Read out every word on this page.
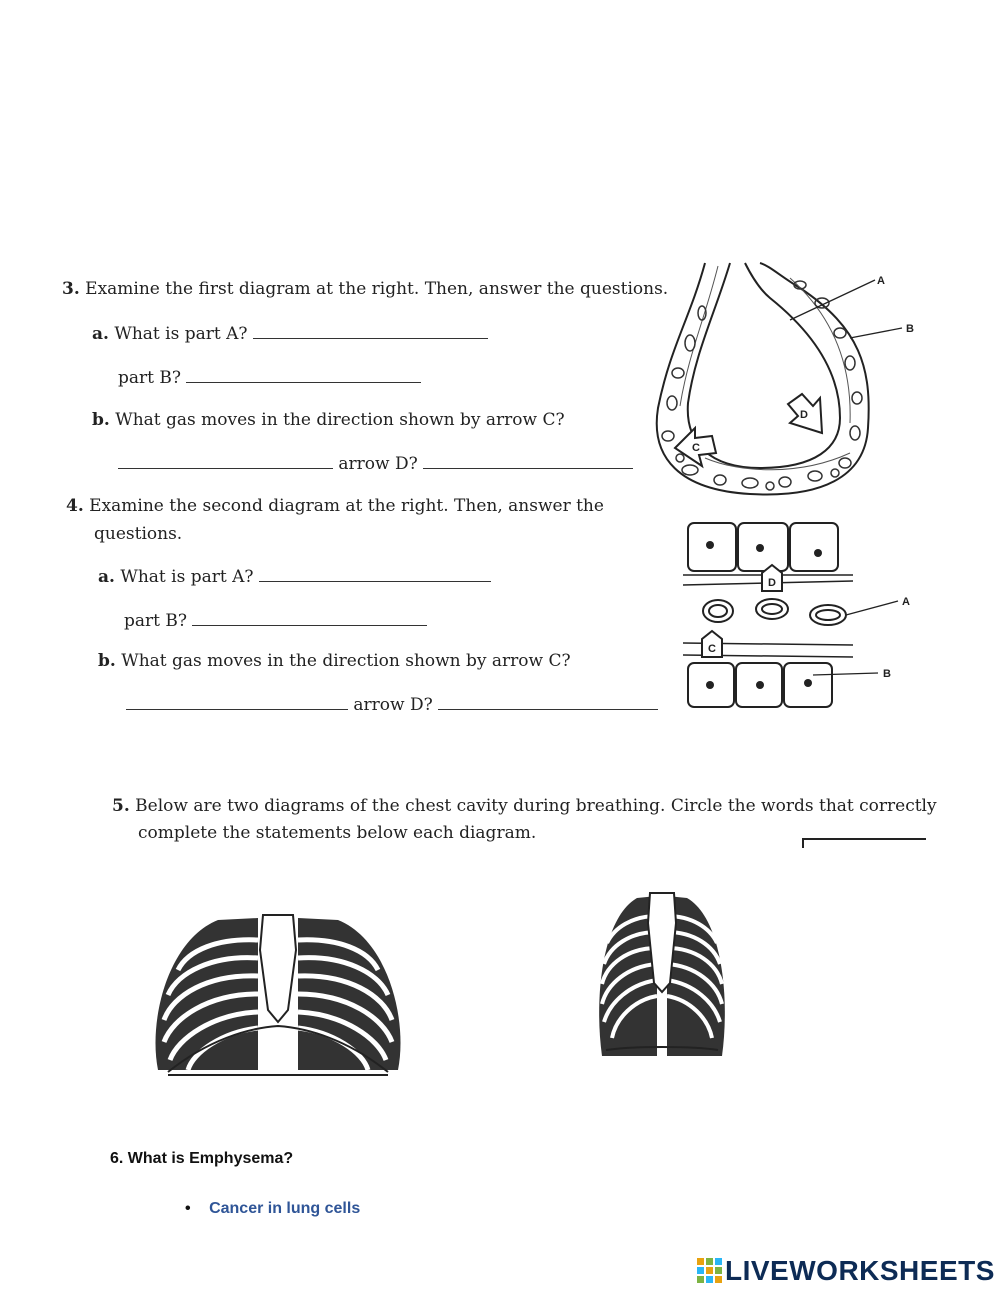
3. Examine the first diagram at the right. Then, answer the questions.
a. What is part A?
part B?
b. What gas moves in the direction shown by arrow C?
arrow D?
4. Examine the second diagram at the right. Then, answer the
questions.
a. What is part A?
part B?
b. What gas moves in the direction shown by arrow C?
arrow D?
A
B
C
D
A
B
C
D
5. Below are two diagrams of the chest cavity during breathing. Circle the words that correctly
complete the statements below each diagram.
6. What is Emphysema?
• Cancer in lung cells
LIVEWORKSHEETS
